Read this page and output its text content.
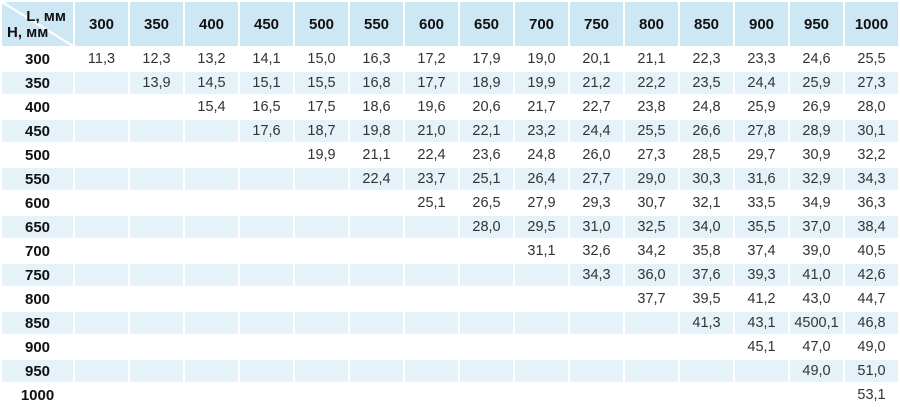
L, мм
H, мм	300	350	400	450	500	550	600	650	700	750	800	850	900	950	1000
300	11,3	12,3	13,2	14,1	15,0	16,3	17,2	17,9	19,0	20,1	21,1	22,3	23,3	24,6	25,5
350		13,9	14,5	15,1	15,5	16,8	17,7	18,9	19,9	21,2	22,2	23,5	24,4	25,9	27,3
400			15,4	16,5	17,5	18,6	19,6	20,6	21,7	22,7	23,8	24,8	25,9	26,9	28,0
450				17,6	18,7	19,8	21,0	22,1	23,2	24,4	25,5	26,6	27,8	28,9	30,1
500					19,9	21,1	22,4	23,6	24,8	26,0	27,3	28,5	29,7	30,9	32,2
550						22,4	23,7	25,1	26,4	27,7	29,0	30,3	31,6	32,9	34,3
600							25,1	26,5	27,9	29,3	30,7	32,1	33,5	34,9	36,3
650								28,0	29,5	31,0	32,5	34,0	35,5	37,0	38,4
700									31,1	32,6	34,2	35,8	37,4	39,0	40,5
750										34,3	36,0	37,6	39,3	41,0	42,6
800											37,7	39,5	41,2	43,0	44,7
850												41,3	43,1	4500,1	46,8
900													45,1	47,0	49,0
950														49,0	51,0
1000															53,1
